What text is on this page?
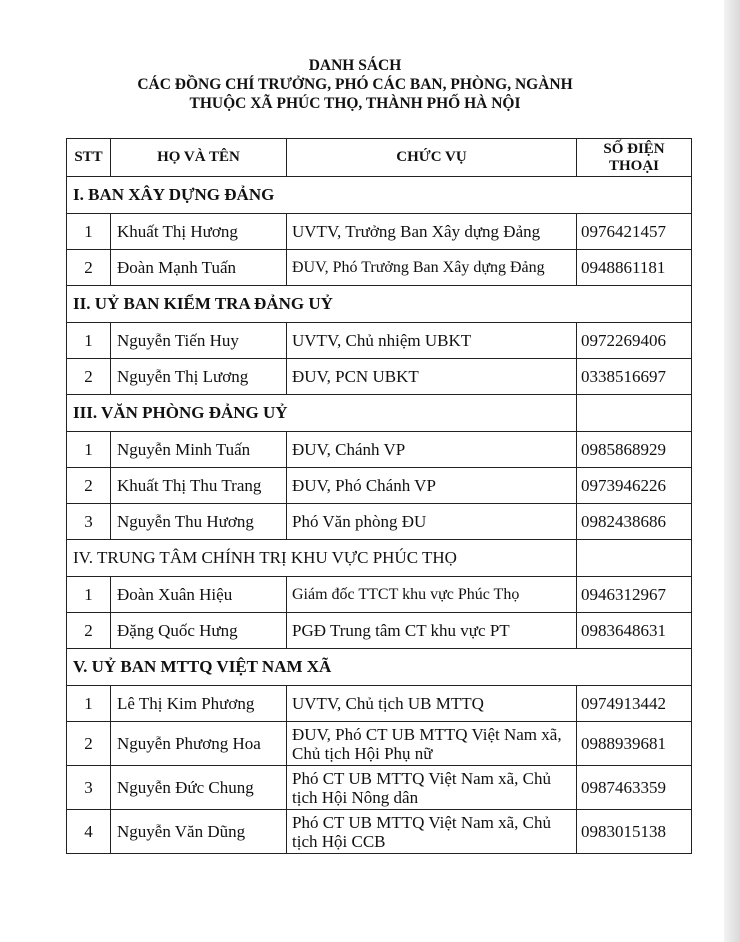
DANH SÁCH
CÁC ĐỒNG CHÍ TRƯỞNG, PHÓ CÁC BAN, PHÒNG, NGÀNH
THUỘC XÃ PHÚC THỌ, THÀNH PHỐ HÀ NỘI
STT	HỌ VÀ TÊN	CHỨC VỤ	SỐ ĐIỆN
THOẠI

I. BAN XÂY DỰNG ĐẢNG			
1	Khuất Thị Hương	UVTV, Trưởng Ban Xây dựng Đảng	0976421457
2	Đoàn Mạnh Tuấn	ĐUV, Phó Trưởng Ban Xây dựng Đảng	0948861181
II. UỶ BAN KIỂM TRA ĐẢNG UỶ			
1	Nguyễn Tiến Huy	UVTV, Chủ nhiệm UBKT	0972269406
2	Nguyễn Thị Lương	ĐUV, PCN UBKT	0338516697
III. VĂN PHÒNG ĐẢNG UỶ			
1	Nguyễn Minh Tuấn	ĐUV, Chánh VP	0985868929
2	Khuất Thị Thu Trang	ĐUV, Phó Chánh VP	0973946226
3	Nguyễn Thu Hương	Phó Văn phòng ĐU	0982438686
IV. TRUNG TÂM CHÍNH TRỊ KHU VỰC PHÚC THỌ			
1	Đoàn Xuân Hiệu	Giám đốc TTCT khu vực Phúc Thọ	0946312967
2	Đặng Quốc Hưng	PGĐ Trung tâm CT khu vực PT	0983648631
V. UỶ BAN MTTQ VIỆT NAM XÃ			
1	Lê Thị Kim Phương	UVTV, Chủ tịch UB MTTQ	0974913442
2	Nguyễn Phương Hoa	ĐUV, Phó CT UB MTTQ Việt Nam xã, Chủ tịch Hội Phụ nữ	0988939681
3	Nguyễn Đức Chung	Phó CT UB MTTQ Việt Nam xã, Chủ tịch Hội Nông dân	0987463359
4	Nguyễn Văn Dũng	Phó CT UB MTTQ Việt Nam xã, Chủ tịch Hội CCB	0983015138
